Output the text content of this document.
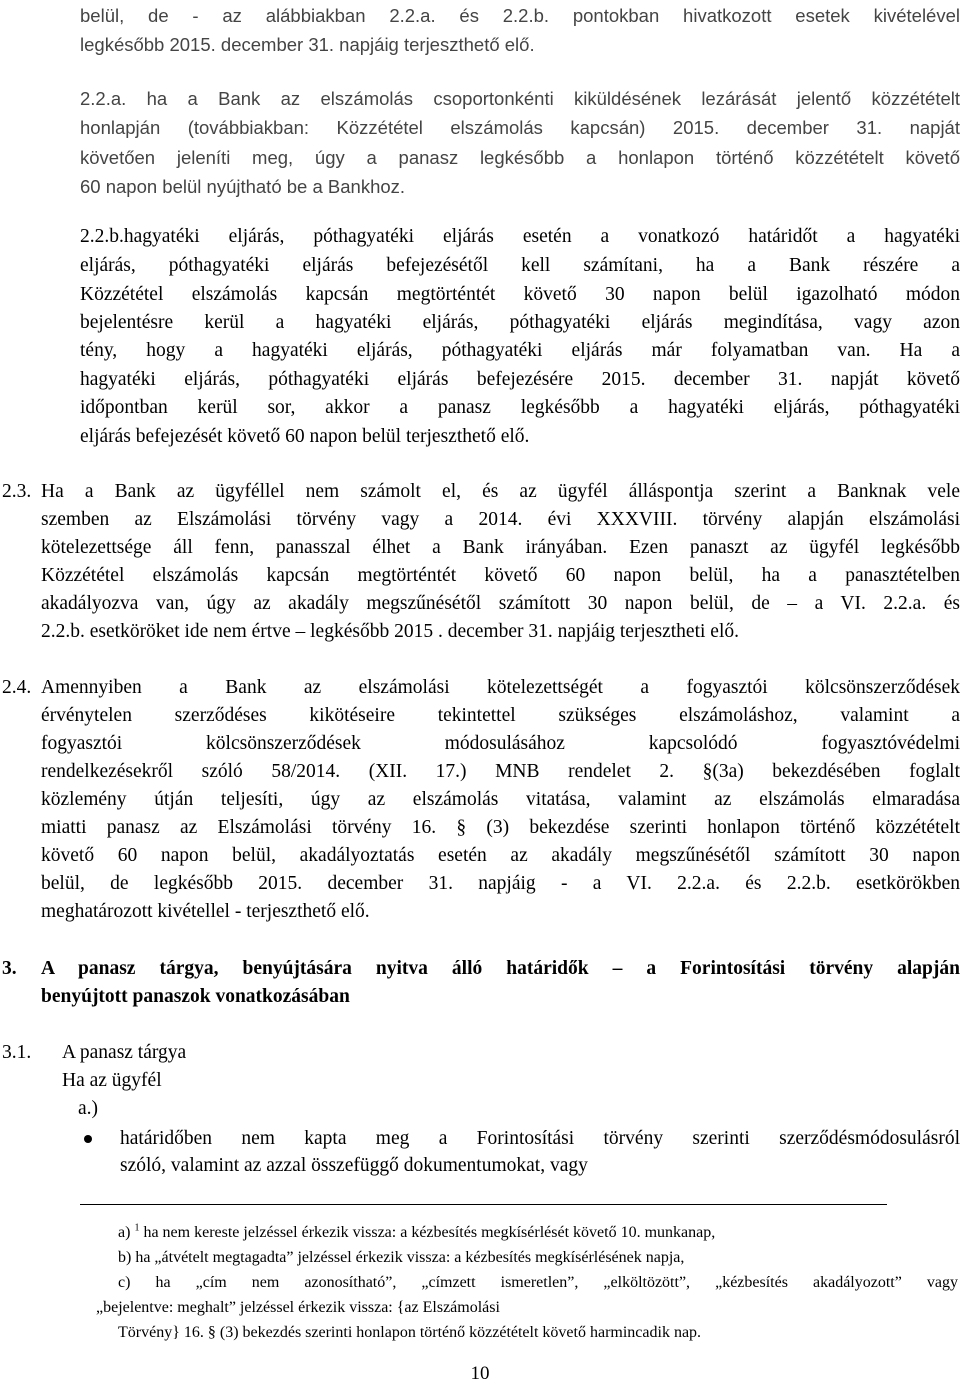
belül, de - az alábbiakban 2.2.a. és 2.2.b. pontokban hivatkozott esetek kivételével
legkésőbb 2015. december 31. napjáig terjeszthető elő.
2.2.a. ha a Bank az elszámolás csoportonkénti kiküldésének lezárását jelentő közzétételt
honlapján (továbbiakban: Közzététel elszámolás kapcsán) 2015. december 31. napját
követően jeleníti meg, úgy a panasz legkésőbb a honlapon történő közzétételt követő
60 napon belül nyújtható be a Bankhoz.
2.2.b.hagyatéki eljárás, póthagyatéki eljárás esetén a vonatkozó határidőt a hagyatéki
eljárás, póthagyatéki eljárás befejezésétől kell számítani, ha a Bank részére a
Közzététel elszámolás kapcsán megtörténtét követő 30 napon belül igazolható módon
bejelentésre kerül a hagyatéki eljárás, póthagyatéki eljárás megindítása, vagy azon
tény, hogy a hagyatéki eljárás, póthagyatéki eljárás már folyamatban van. Ha a
hagyatéki eljárás, póthagyatéki eljárás befejezésére 2015. december 31. napját követő
időpontban kerül sor, akkor a panasz legkésőbb a hagyatéki eljárás, póthagyatéki
eljárás befejezését követő 60 napon belül terjeszthető elő.
2.3. Ha a Bank az ügyféllel nem számolt el, és az ügyfél álláspontja szerint a Banknak vele
szemben az Elszámolási törvény vagy a 2014. évi XXXVIII. törvény alapján elszámolási
kötelezettsége áll fenn, panasszal élhet a Bank irányában. Ezen panaszt az ügyfél legkésőbb
Közzététel elszámolás kapcsán megtörténtét követő 60 napon belül, ha a panasztételben
akadályozva van, úgy az akadály megszűnésétől számított 30 napon belül, de – a VI. 2.2.a. és
2.2.b. esetköröket ide nem értve – legkésőbb 2015 . december 31. napjáig terjesztheti elő.
2.4. Amennyiben a Bank az elszámolási kötelezettségét a fogyasztói kölcsönszerződések
érvénytelen szerződéses kikötéseire tekintettel szükséges elszámoláshoz, valamint a
fogyasztói kölcsönszerződések módosulásához kapcsolódó fogyasztóvédelmi
rendelkezésekről szóló 58/2014. (XII. 17.) MNB rendelet 2. §(3a) bekezdésében foglalt
közlemény útján teljesíti, úgy az elszámolás vitatása, valamint az elszámolás elmaradása
miatti panasz az Elszámolási törvény 16. § (3) bekezdése szerinti honlapon történő közzétételt
követő 60 napon belül, akadályoztatás esetén az akadály megszűnésétől számított 30 napon
belül, de legkésőbb 2015. december 31. napjáig - a VI. 2.2.a. és 2.2.b. esetkörökben
meghatározott kivétellel - terjeszthető elő.
3. A panasz tárgya, benyújtására nyitva álló határidők – a Forintosítási törvény alapján
benyújtott panaszok vonatkozásában
3.1. A panasz tárgya
Ha az ügyfél
a.)
határidőben nem kapta meg a Forintosítási törvény szerinti szerződésmódosulásról
szóló, valamint az azzal összefüggő dokumentumokat, vagy
a) $^1$ ha nem kereste jelzéssel érkezik vissza: a kézbesítés megkísérlését követő 10. munkanap,
b) ha „átvételt megtagadta” jelzéssel érkezik vissza: a kézbesítés megkísérlésének napja,
c) ha „cím nem azonosítható”, „címzett ismeretlen”, „elköltözött”, „kézbesítés akadályozott” vagy
„bejelentve: meghalt” jelzéssel érkezik vissza: {az Elszámolási
Törvény} 16. § (3) bekezdés szerinti honlapon történő közzétételt követő harmincadik nap.
10
